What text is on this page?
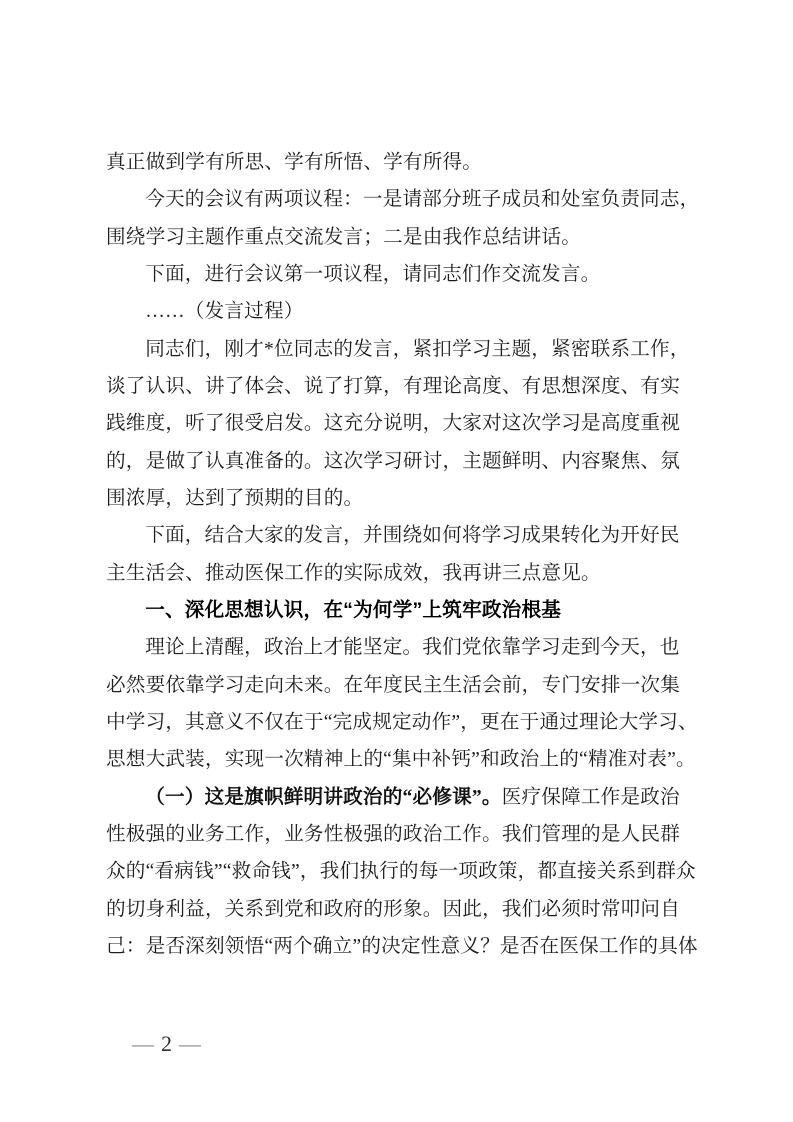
真正做到学有所思、学有所悟、学有所得。
今天的会议有两项议程：一是请部分班子成员和处室负责同志，
围绕学习主题作重点交流发言；二是由我作总结讲话。
下面，进行会议第一项议程，请同志们作交流发言。
……（发言过程）
同志们，刚才*位同志的发言，紧扣学习主题，紧密联系工作，
谈了认识、讲了体会、说了打算，有理论高度、有思想深度、有实
践维度，听了很受启发。这充分说明，大家对这次学习是高度重视
的，是做了认真准备的。这次学习研讨，主题鲜明、内容聚焦、氛
围浓厚，达到了预期的目的。
下面，结合大家的发言，并围绕如何将学习成果转化为开好民
主生活会、推动医保工作的实际成效，我再讲三点意见。
一、深化思想认识，在“为何学”上筑牢政治根基
理论上清醒，政治上才能坚定。我们党依靠学习走到今天，也
必然要依靠学习走向未来。在年度民主生活会前，专门安排一次集
中学习，其意义不仅在于“完成规定动作”，更在于通过理论大学习、
思想大武装，实现一次精神上的“集中补钙”和政治上的“精准对表”。
（一）这是旗帜鲜明讲政治的“必修课”。医疗保障工作是政治
性极强的业务工作，业务性极强的政治工作。我们管理的是人民群
众的“看病钱”“救命钱”，我们执行的每一项政策，都直接关系到群众
的切身利益，关系到党和政府的形象。因此，我们必须时常叩问自
己：是否深刻领悟“两个确立”的决定性意义？是否在医保工作的具体
— 2 —
